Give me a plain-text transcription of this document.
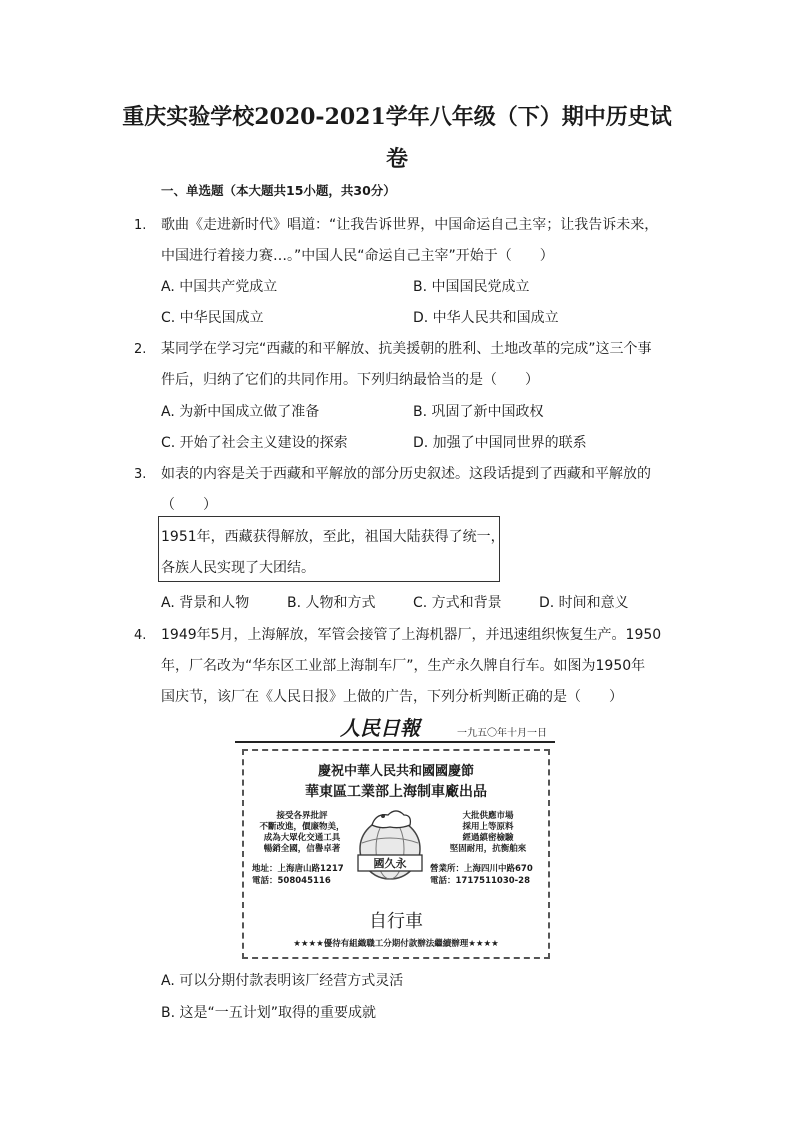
重庆实验学校2020-2021学年八年级（下）期中历史试
卷
一、单选题（本大题共15小题，共30分）
1. 歌曲《走进新时代》唱道：“让我告诉世界，中国命运自己主宰；让我告诉未来，
中国进行着接力赛…。”中国人民“命运自己主宰”开始于（　　）
A. 中国共产党成立	B. 中国国民党成立
C. 中华民国成立	D. 中华人民共和国成立
2. 某同学在学习完“西藏的和平解放、抗美援朝的胜利、土地改革的完成”这三个事
件后，归纳了它们的共同作用。下列归纳最恰当的是（　　）
A. 为新中国成立做了准备	B. 巩固了新中国政权
C. 开始了社会主义建设的探索	D. 加强了中国同世界的联系
3. 如表的内容是关于西藏和平解放的部分历史叙述。这段话提到了西藏和平解放的
（　　）
1951年，西藏获得解放，至此，祖国大陆获得了统一，
各族人民实现了大团结。
A. 背景和人物	B. 人物和方式	C. 方式和背景	D. 时间和意义
4. 1949年5月，上海解放，军管会接管了上海机器厂，并迅速组织恢复生产。1950
年，厂名改为“华东区工业部上海制车厂”，生产永久牌自行车。如图为1950年
国庆节，该厂在《人民日报》上做的广告，下列分析判断正确的是（　　）
人民日報	一九五〇年十月一日
慶祝中華人民共和國國慶節
華東區工業部上海制車廠出品
接受各界批評
不斷改進，價廉物美，
成為大眾化交通工具
暢銷全國，信譽卓著
大批供應市場
採用上等原料
經過縝密檢驗
堅固耐用，抗衡舶來
國久永
地址：上海唐山路1217
電話：508045116
營業所：上海四川中路670
電話：1717511030-28
自行車
★★★★優待有組織職工分期付款辦法繼續辦理★★★★
A. 可以分期付款表明该厂经营方式灵活
B. 这是“一五计划”取得的重要成就
